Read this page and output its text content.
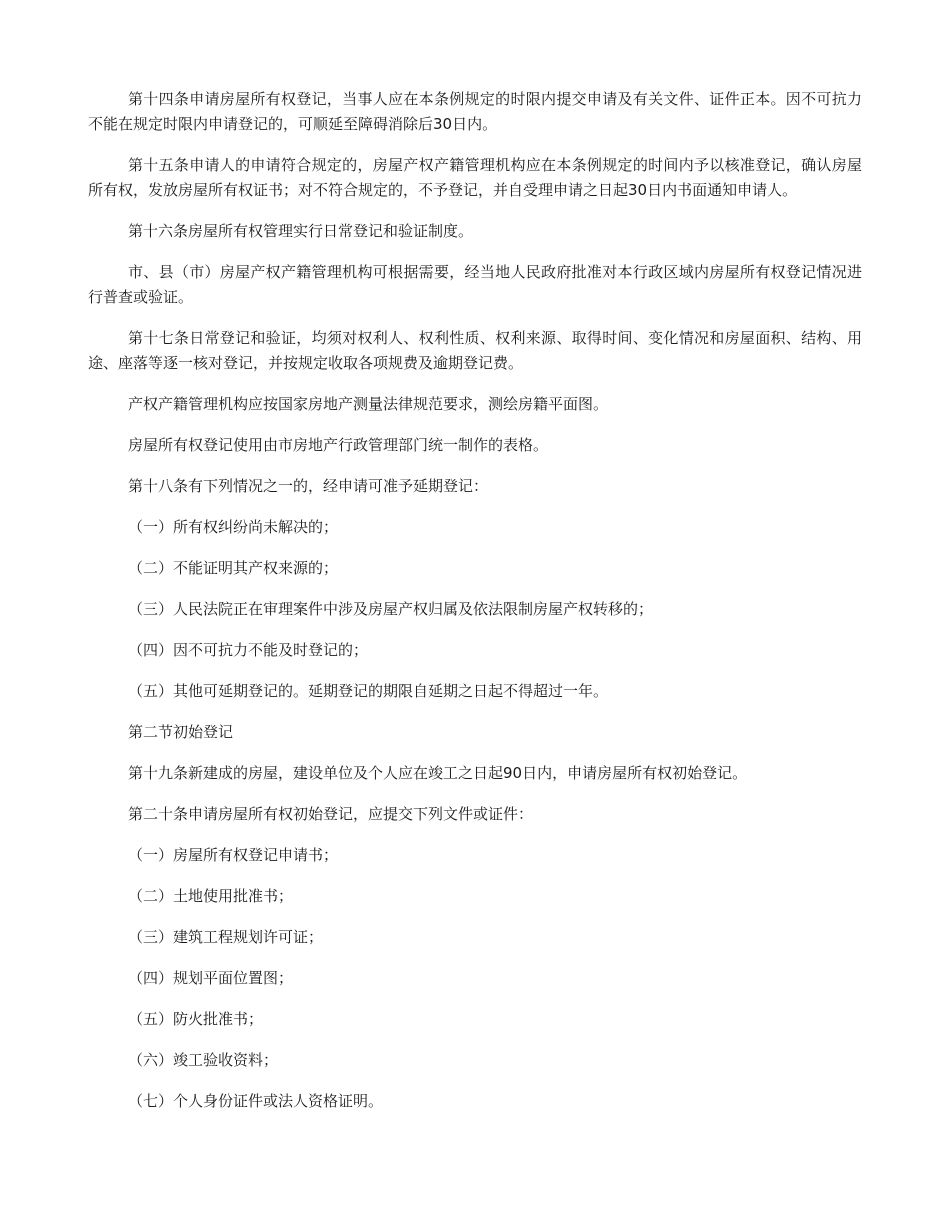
第十四条申请房屋所有权登记，当事人应在本条例规定的时限内提交申请及有关文件、证件正本。因不可抗力不能在规定时限内申请登记的，可顺延至障碍消除后30日内。

第十五条申请人的申请符合规定的，房屋产权产籍管理机构应在本条例规定的时间内予以核准登记，确认房屋所有权，发放房屋所有权证书；对不符合规定的，不予登记，并自受理申请之日起30日内书面通知申请人。

第十六条房屋所有权管理实行日常登记和验证制度。

市、县（市）房屋产权产籍管理机构可根据需要，经当地人民政府批准对本行政区域内房屋所有权登记情况进行普查或验证。

第十七条日常登记和验证，均须对权利人、权利性质、权利来源、取得时间、变化情况和房屋面积、结构、用途、座落等逐一核对登记，并按规定收取各项规费及逾期登记费。

产权产籍管理机构应按国家房地产测量法律规范要求，测绘房籍平面图。

房屋所有权登记使用由市房地产行政管理部门统一制作的表格。

第十八条有下列情况之一的，经申请可准予延期登记：

（一）所有权纠纷尚未解决的；

（二）不能证明其产权来源的；

（三）人民法院正在审理案件中涉及房屋产权归属及依法限制房屋产权转移的；

（四）因不可抗力不能及时登记的；

（五）其他可延期登记的。延期登记的期限自延期之日起不得超过一年。

第二节初始登记

第十九条新建成的房屋，建设单位及个人应在竣工之日起90日内，申请房屋所有权初始登记。

第二十条申请房屋所有权初始登记，应提交下列文件或证件：

（一）房屋所有权登记申请书；

（二）土地使用批准书；

（三）建筑工程规划许可证；

（四）规划平面位置图；

（五）防火批准书；

（六）竣工验收资料；

（七）个人身份证件或法人资格证明。
